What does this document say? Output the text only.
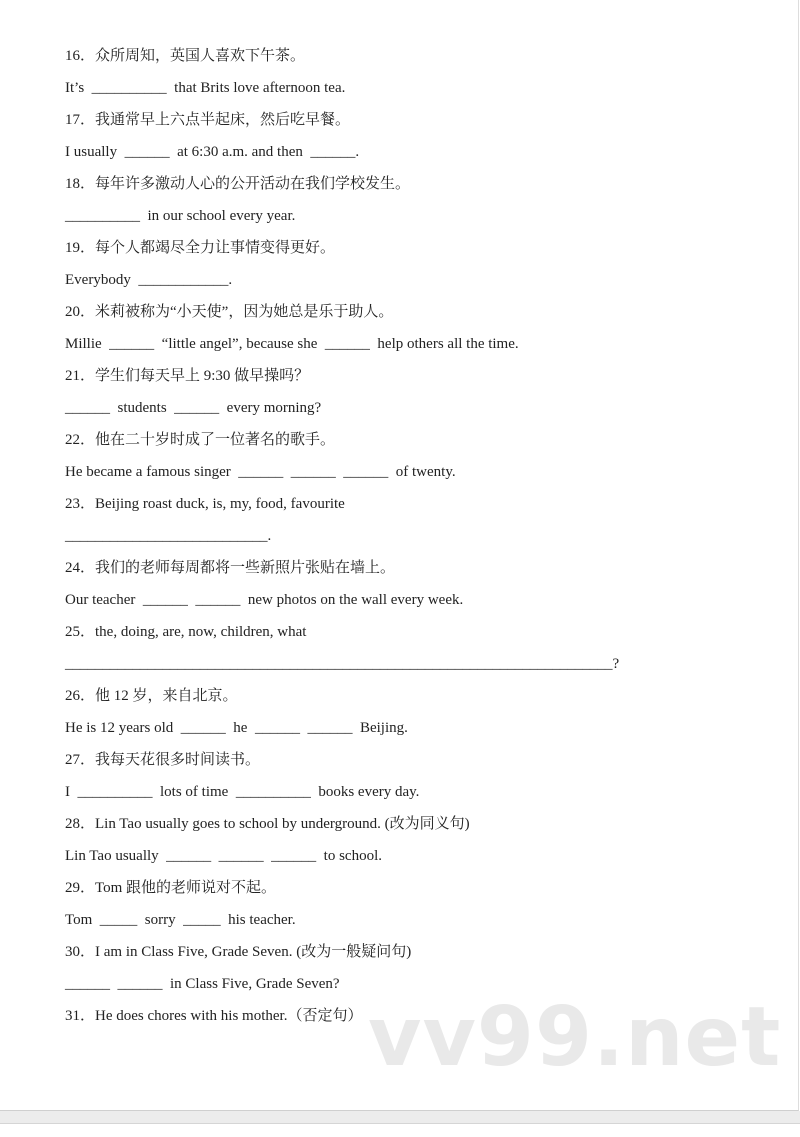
16．众所周知，英国人喜欢下午茶。
It’s  __________  that Brits love afternoon tea.
17．我通常早上六点半起床，然后吃早餐。
I usually  ______  at 6:30 a.m. and then  ______.
18．每年许多激动人心的公开活动在我们学校发生。
__________  in our school every year.
19．每个人都竭尽全力让事情变得更好。
Everybody  ____________.
20．米莉被称为“小天使”，因为她总是乐于助人。
Millie  ______  “little angel”, because she  ______  help others all the time.
21．学生们每天早上 9:30 做早操吗？
______  students  ______  every morning?
22．他在二十岁时成了一位著名的歌手。
He became a famous singer  ______  ______  ______  of twenty.
23．Beijing roast duck, is, my, food, favourite
___________________________.
24．我们的老师每周都将一些新照片张贴在墙上。
Our teacher  ______  ______  new photos on the wall every week.
25．the, doing, are, now, children, what
_________________________________________________________________________?
26．他 12 岁，来自北京。
He is 12 years old  ______  he  ______  ______  Beijing.
27．我每天花很多时间读书。
I  __________  lots of time  __________  books every day.
28．Lin Tao usually goes to school by underground. (改为同义句)
Lin Tao usually  ______  ______  ______  to school.
29．Tom 跟他的老师说对不起。
Tom  _____  sorry  _____  his teacher.
30．I am in Class Five, Grade Seven. (改为一般疑问句)
______  ______  in Class Five, Grade Seven?
31．He does chores with his mother.（否定句） vv99.net
